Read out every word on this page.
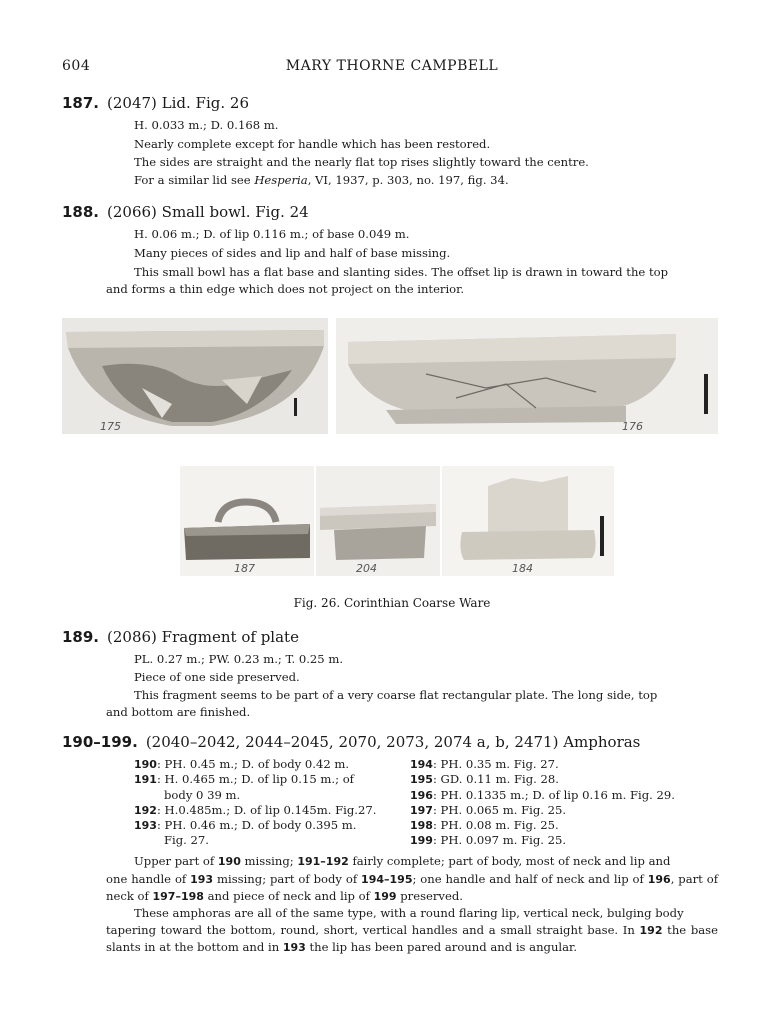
604	MARY THORNE CAMPBELL
187. (2047) Lid. Fig. 26
H. 0.033 m.; D. 0.168 m.
Nearly complete except for handle which has been restored.
The sides are straight and the nearly flat top rises slightly toward the centre.
For a similar lid see Hesperia, VI, 1937, p. 303, no. 197, fig. 34.
188. (2066) Small bowl. Fig. 24
H. 0.06 m.; D. of lip 0.116 m.; of base 0.049 m.
Many pieces of sides and lip and half of base missing.
This small bowl has a flat base and slanting sides. The offset lip is drawn in toward the top
and forms a thin edge which does not project on the interior.
175	176
187	204	184
Fig. 26. Corinthian Coarse Ware
189. (2086) Fragment of plate
PL. 0.27 m.; PW. 0.23 m.; T. 0.25 m.
Piece of one side preserved.
This fragment seems to be part of a very coarse flat rectangular plate. The long side, top
and bottom are finished.
190–199. (2040–2042, 2044–2045, 2070, 2073, 2074 a, b, 2471) Amphoras
190: PH. 0.45 m.; D. of body 0.42 m.
191: H. 0.465 m.; D. of lip 0.15 m.; of
body 0 39 m.
192: H.0.485m.; D. of lip 0.145m. Fig.27.
193: PH. 0.46 m.; D. of body 0.395 m.
Fig. 27.
194: PH. 0.35 m. Fig. 27.
195: GD. 0.11 m. Fig. 28.
196: PH. 0.1335 m.; D. of lip 0.16 m. Fig. 29.
197: PH. 0.065 m. Fig. 25.
198: PH. 0.08 m. Fig. 25.
199: PH. 0.097 m. Fig. 25.
Upper part of 190 missing; 191–192 fairly complete; part of body, most of neck and lip and
one handle of 193 missing; part of body of 194–195; one handle and half of neck and lip of 196, part of neck of 197–198 and piece of neck and lip of 199 preserved.
These amphoras are all of the same type, with a round flaring lip, vertical neck, bulging body
tapering toward the bottom, round, short, vertical handles and a small straight base. In 192 the base slants in at the bottom and in 193 the lip has been pared around and is angular.
